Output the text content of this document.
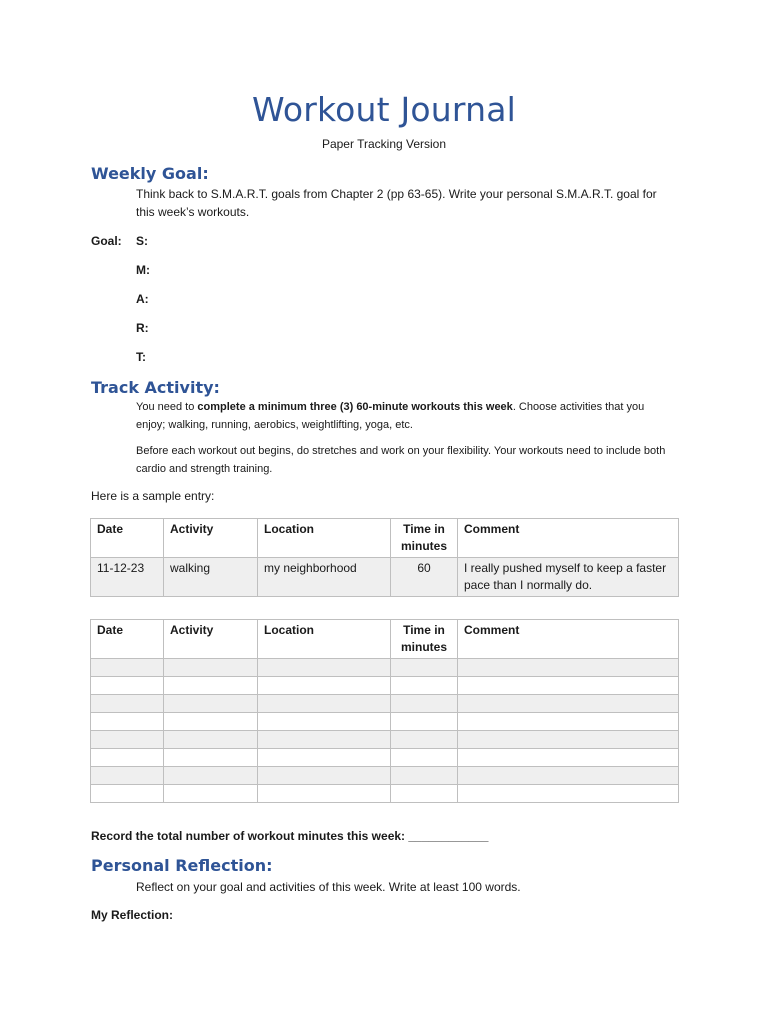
Workout Journal
Paper Tracking Version
Weekly Goal:
Think back to S.M.A.R.T. goals from Chapter 2 (pp 63-65). Write your personal S.M.A.R.T. goal for this week’s workouts.
Goal: S:
M:
A:
R:
T:
Track Activity:
You need to complete a minimum three (3) 60-minute workouts this week. Choose activities that you enjoy; walking, running, aerobics, weightlifting, yoga, etc.
Before each workout out begins, do stretches and work on your flexibility. Your workouts need to include both cardio and strength training.
Here is a sample entry:
Date	Activity	Location	Time in minutes	Comment
11-12-23	walking	my neighborhood	60	I really pushed myself to keep a faster pace than I normally do.
Date	Activity	Location	Time in minutes	Comment

Record the total number of workout minutes this week: ____________
Personal Reflection:
Reflect on your goal and activities of this week. Write at least 100 words.
My Reflection:
